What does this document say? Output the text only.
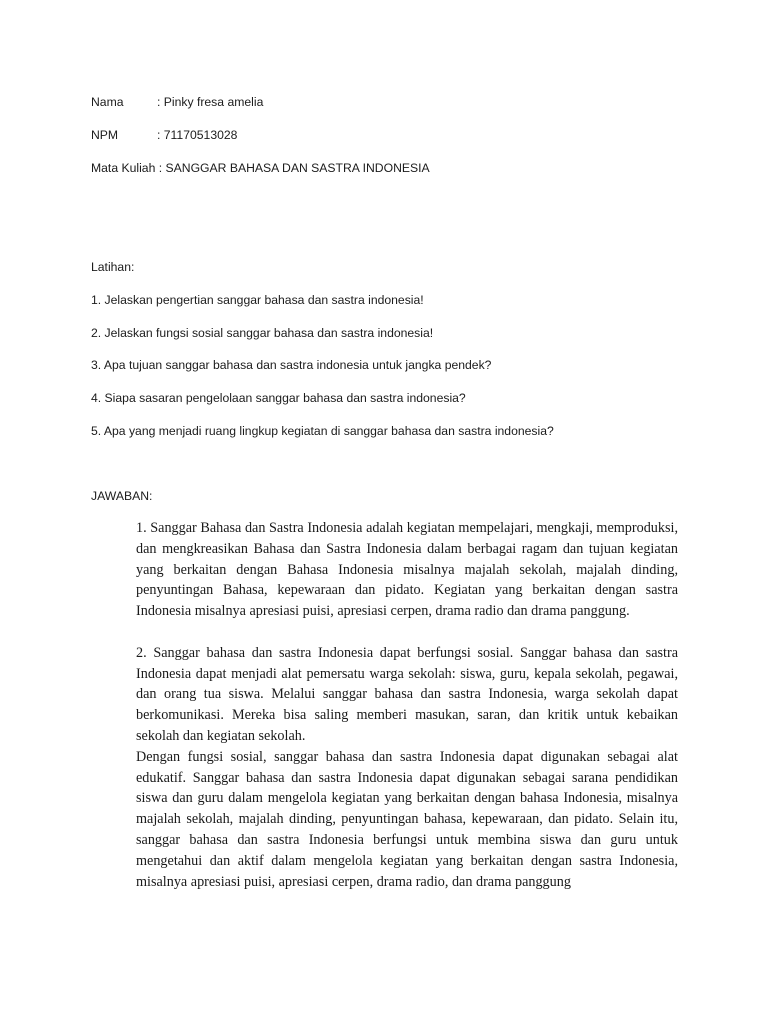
Nama	: Pinky fresa amelia
NPM	: 71170513028
Mata Kuliah : SANGGAR BAHASA DAN SASTRA INDONESIA
Latihan:
1. Jelaskan pengertian sanggar bahasa dan sastra indonesia!
2. Jelaskan fungsi sosial sanggar bahasa dan sastra indonesia!
3. Apa tujuan sanggar bahasa dan sastra indonesia untuk jangka pendek?
4. Siapa sasaran pengelolaan sanggar bahasa dan sastra indonesia?
5. Apa yang menjadi ruang lingkup kegiatan di sanggar bahasa dan sastra indonesia?
JAWABAN:

1. Sanggar Bahasa dan Sastra Indonesia adalah kegiatan mempelajari, mengkaji, memproduksi, dan mengkreasikan Bahasa dan Sastra Indonesia dalam berbagai ragam dan tujuan kegiatan yang berkaitan dengan Bahasa Indonesia misalnya majalah sekolah, majalah dinding, penyuntingan Bahasa, kepewaraan dan pidato. Kegiatan yang berkaitan dengan sastra Indonesia misalnya apresiasi puisi, apresiasi cerpen, drama radio dan drama panggung.

2. Sanggar bahasa dan sastra Indonesia dapat berfungsi sosial. Sanggar bahasa dan sastra Indonesia dapat menjadi alat pemersatu warga sekolah: siswa, guru, kepala sekolah, pegawai, dan orang tua siswa. Melalui sanggar bahasa dan sastra Indonesia, warga sekolah dapat berkomunikasi. Mereka bisa saling memberi masukan, saran, dan kritik untuk kebaikan sekolah dan kegiatan sekolah.

Dengan fungsi sosial, sanggar bahasa dan sastra Indonesia dapat digunakan sebagai alat edukatif. Sanggar bahasa dan sastra Indonesia dapat digunakan sebagai sarana pendidikan siswa dan guru dalam mengelola kegiatan yang berkaitan dengan bahasa Indonesia, misalnya majalah sekolah, majalah dinding, penyuntingan bahasa, kepewaraan, dan pidato. Selain itu, sanggar bahasa dan sastra Indonesia berfungsi untuk membina siswa dan guru untuk mengetahui dan aktif dalam mengelola kegiatan yang berkaitan dengan sastra Indonesia, misalnya apresiasi puisi, apresiasi cerpen, drama radio, dan drama panggung
